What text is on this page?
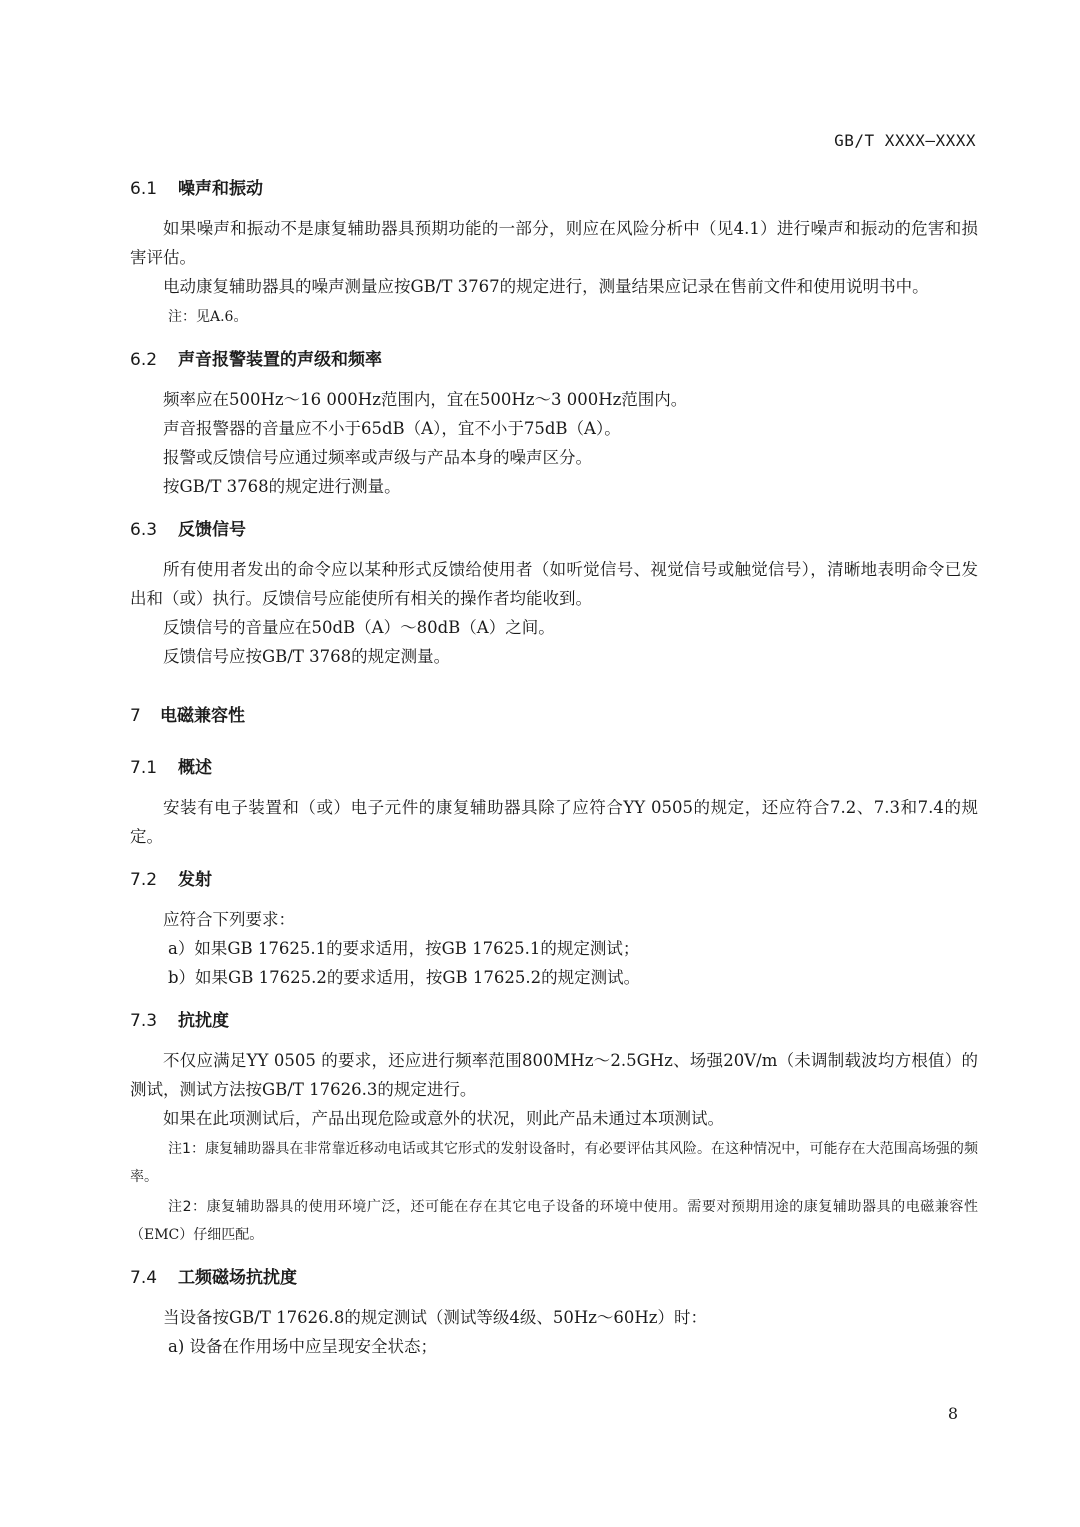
GB/T XXXX—XXXX
6.1 噪声和振动
如果噪声和振动不是康复辅助器具预期功能的一部分，则应在风险分析中（见4.1）进行噪声和振动的危害和损害评估。
电动康复辅助器具的噪声测量应按GB/T 3767的规定进行，测量结果应记录在售前文件和使用说明书中。
注：见A.6。
6.2 声音报警装置的声级和频率
频率应在500Hz～16 000Hz范围内，宜在500Hz～3 000Hz范围内。
声音报警器的音量应不小于65dB（A），宜不小于75dB（A）。
报警或反馈信号应通过频率或声级与产品本身的噪声区分。
按GB/T 3768的规定进行测量。
6.3 反馈信号
所有使用者发出的命令应以某种形式反馈给使用者（如听觉信号、视觉信号或触觉信号），清晰地表明命令已发出和（或）执行。反馈信号应能使所有相关的操作者均能收到。
反馈信号的音量应在50dB（A）～80dB（A）之间。
反馈信号应按GB/T 3768的规定测量。
7 电磁兼容性
7.1 概述
安装有电子装置和（或）电子元件的康复辅助器具除了应符合YY 0505的规定，还应符合7.2、7.3和7.4的规定。
7.2 发射
应符合下列要求：
a）如果GB 17625.1的要求适用，按GB 17625.1的规定测试；
b）如果GB 17625.2的要求适用，按GB 17625.2的规定测试。
7.3 抗扰度
不仅应满足YY 0505 的要求，还应进行频率范围800MHz～2.5GHz、场强20V/m（未调制载波均方根值）的测试，测试方法按GB/T 17626.3的规定进行。
如果在此项测试后，产品出现危险或意外的状况，则此产品未通过本项测试。
注1：康复辅助器具在非常靠近移动电话或其它形式的发射设备时，有必要评估其风险。在这种情况中，可能存在大范围高场强的频率。
注2：康复辅助器具的使用环境广泛，还可能在存在其它电子设备的环境中使用。需要对预期用途的康复辅助器具的电磁兼容性（EMC）仔细匹配。
7.4 工频磁场抗扰度
当设备按GB/T 17626.8的规定测试（测试等级4级、50Hz～60Hz）时：
a) 设备在作用场中应呈现安全状态；
8
